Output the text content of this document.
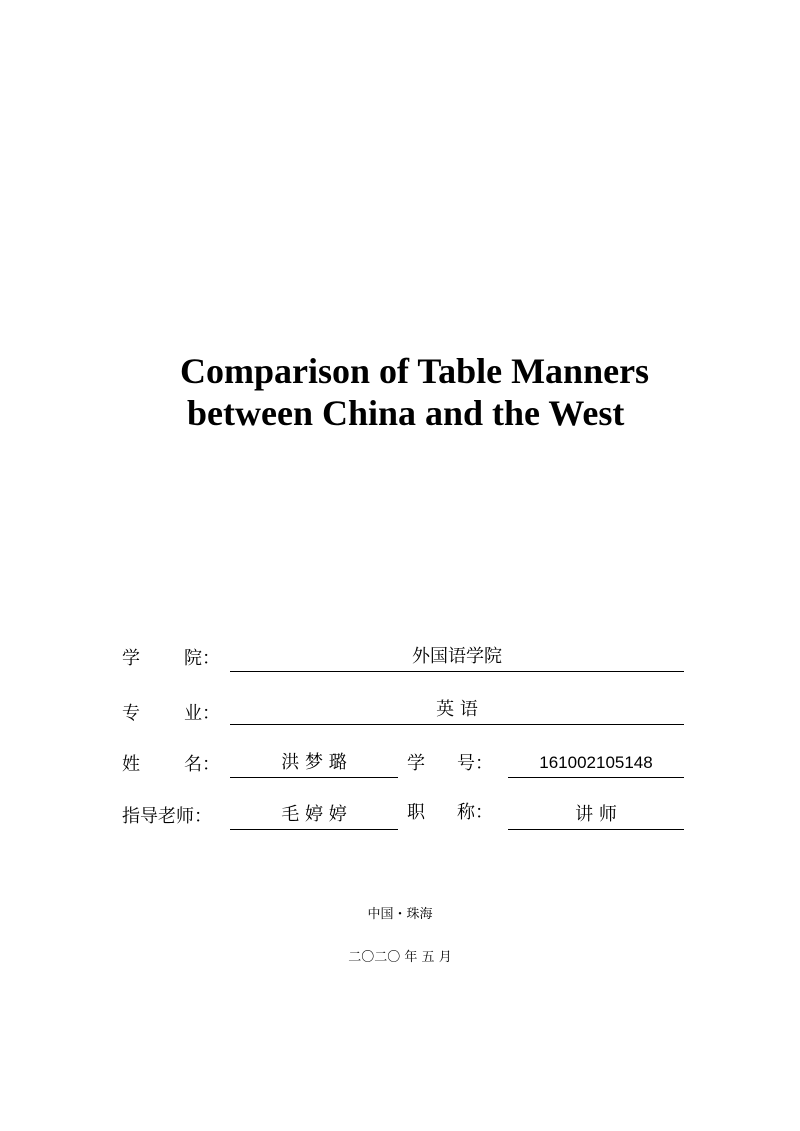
Comparison of Table Manners
between China and the West
学 院：	外国语学院
专 业：	英 语
姓 名：	洪 梦 璐	学 号：	161002105148
指导老师：	毛 婷 婷	职 称：	讲 师
中国・珠海
二〇二〇 年 五 月
